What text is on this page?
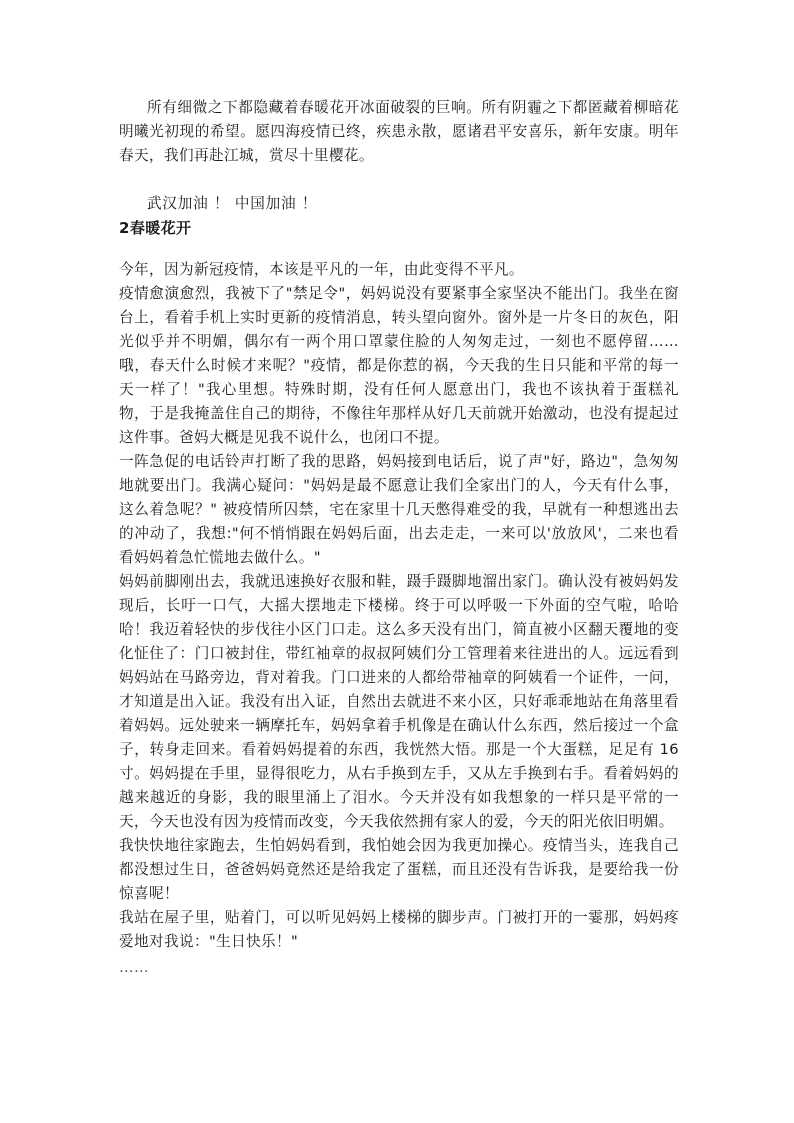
所有细微之下都隐藏着春暖花开冰面破裂的巨响。所有阴霾之下都匿藏着柳暗花明曦光初现的希望。愿四海疫情已终，疾患永散，愿诸君平安喜乐，新年安康。明年春天，我们再赴江城，赏尽十里樱花。

武汉加油 ！ 中国加油 ！

2春暖花开

今年，因为新冠疫情，本该是平凡的一年，由此变得不平凡。

疫情愈演愈烈，我被下了"禁足令"，妈妈说没有要紧事全家坚决不能出门。我坐在窗台上，看着手机上实时更新的疫情消息，转头望向窗外。窗外是一片冬日的灰色，阳光似乎并不明媚，偶尔有一两个用口罩蒙住脸的人匆匆走过，一刻也不愿停留……哦，春天什么时候才来呢？"疫情，都是你惹的祸，今天我的生日只能和平常的每一天一样了！"我心里想。特殊时期，没有任何人愿意出门，我也不该执着于蛋糕礼物，于是我掩盖住自己的期待，不像往年那样从好几天前就开始激动，也没有提起过这件事。爸妈大概是见我不说什么，也闭口不提。

一阵急促的电话铃声打断了我的思路，妈妈接到电话后，说了声"好，路边"，急匆匆地就要出门。我满心疑问："妈妈是最不愿意让我们全家出门的人，今天有什么事，这么着急呢？" 被疫情所囚禁，宅在家里十几天憋得难受的我，早就有一种想逃出去的冲动了，我想:"何不悄悄跟在妈妈后面，出去走走，一来可以'放放风'，二来也看看妈妈着急忙慌地去做什么。"

妈妈前脚刚出去，我就迅速换好衣服和鞋，蹑手蹑脚地溜出家门。确认没有被妈妈发现后，长吁一口气，大摇大摆地走下楼梯。终于可以呼吸一下外面的空气啦，哈哈哈！我迈着轻快的步伐往小区门口走。这么多天没有出门，简直被小区翻天覆地的变化怔住了：门口被封住，带红袖章的叔叔阿姨们分工管理着来往进出的人。远远看到妈妈站在马路旁边，背对着我。门口进来的人都给带袖章的阿姨看一个证件，一问，才知道是出入证。我没有出入证，自然出去就进不来小区，只好乖乖地站在角落里看着妈妈。远处驶来一辆摩托车，妈妈拿着手机像是在确认什么东西，然后接过一个盒子，转身走回来。看着妈妈提着的东西，我恍然大悟。那是一个大蛋糕，足足有 16 寸。妈妈提在手里，显得很吃力，从右手换到左手，又从左手换到右手。看着妈妈的越来越近的身影，我的眼里涌上了泪水。今天并没有如我想象的一样只是平常的一天，今天也没有因为疫情而改变，今天我依然拥有家人的爱，今天的阳光依旧明媚。

我快快地往家跑去，生怕妈妈看到，我怕她会因为我更加操心。疫情当头，连我自己都没想过生日，爸爸妈妈竟然还是给我定了蛋糕，而且还没有告诉我，是要给我一份惊喜呢！

我站在屋子里，贴着门，可以听见妈妈上楼梯的脚步声。门被打开的一霎那，妈妈疼爱地对我说："生日快乐！"

……
